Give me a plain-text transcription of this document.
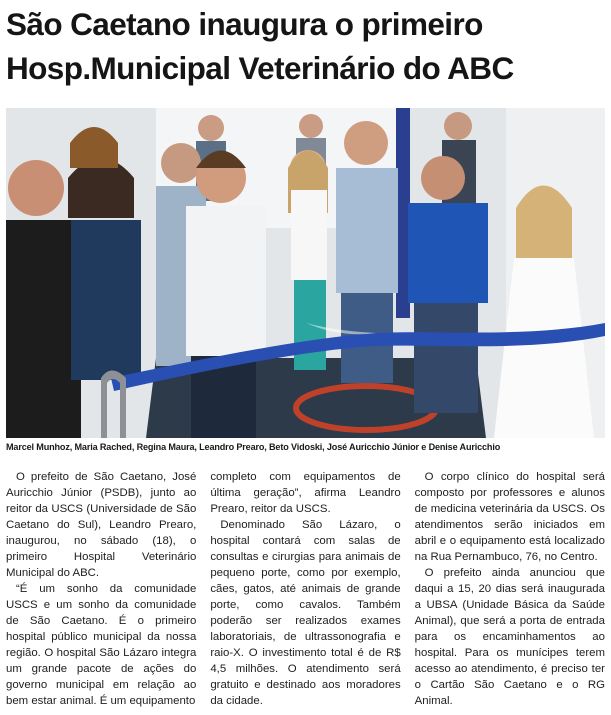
São Caetano inaugura o primeiro
Hosp.Municipal Veterinário do ABC

Marcel Munhoz, Maria Rached, Regina Maura, Leandro Prearo, Beto Vidoski, José Auricchio Júnior e Denise Auricchio

O prefeito de São Caetano, José Auricchio Júnior (PSDB), junto ao reitor da USCS (Universidade de São Caetano do Sul), Leandro Prearo, inaugurou, no sábado (18), o primeiro Hospital Veterinário Municipal do ABC.

“É um sonho da comunidade USCS e um sonho da comunidade de São Caetano. É o primeiro hospital público municipal da nossa região. O hospital São Lázaro integra um grande pacote de ações do governo municipal em relação ao bem estar animal. É um equipamento

completo com equipamentos de última geração”, afirma Leandro Prearo, reitor da USCS.

Denominado São Lázaro, o hospital contará com salas de consultas e cirurgias para animais de pequeno porte, como por exemplo, cães, gatos, até animais de grande porte, como cavalos. Também poderão ser realizados exames laboratoriais, de ultrassonografia e raio-X. O investimento total é de R$ 4,5 milhões. O atendimento será gratuito e destinado aos moradores da cidade.

O corpo clínico do hospital será composto por professores e alunos de medicina veterinária da USCS. Os atendimentos serão iniciados em abril e o equipamento está localizado na Rua Pernambuco, 76, no Centro.

O prefeito ainda anunciou que daqui a 15, 20 dias será inaugurada a UBSA (Unidade Básica da Saúde Animal), que será a porta de entrada para os encaminhamentos ao hospital. Para os munícipes terem acesso ao atendimento, é preciso ter o Cartão São Caetano e o RG Animal.
